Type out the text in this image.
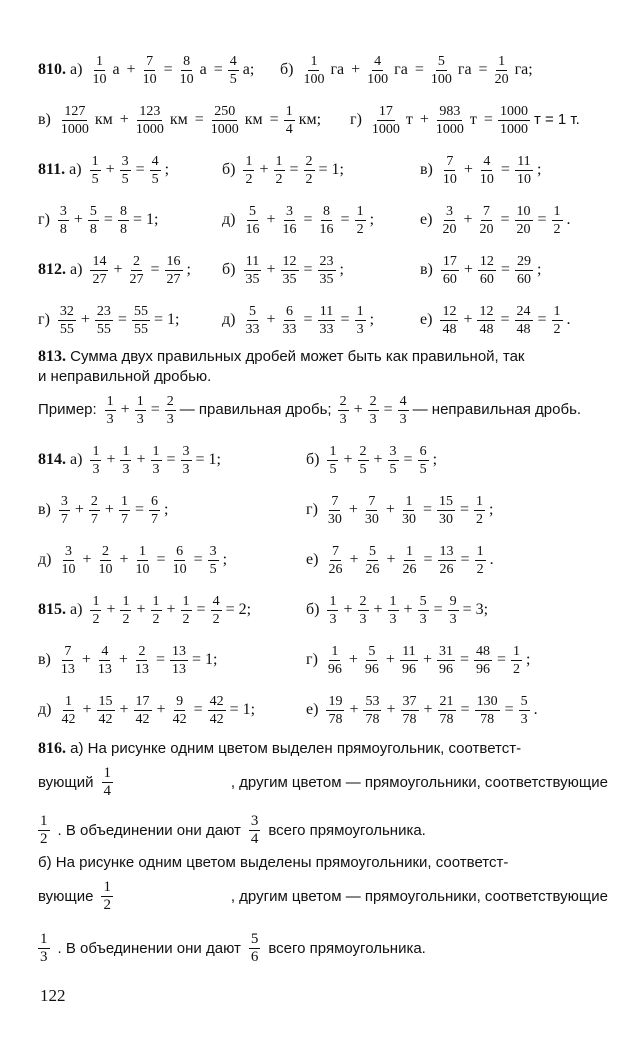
810. $а) \frac{1}{10}$ $а + \frac{7}{10} = \frac{8}{10}$ $а = \frac{4}{5} а$; $б) \frac{1}{100}$ га + $\frac{4}{100}$ га = $\frac{5}{100}$ га = $\frac{1}{20}$ га;
$в) \frac{127}{1000}$ км + $\frac{123}{1000}$ км = $\frac{250}{1000}$ км = $\frac{1}{4}$ км; $г) \frac{17}{1000}$ $т + \frac{983}{1000}$ $т = \frac{1000}{1000}$ т = 1 т.
811. $а) \frac{1}{5} + \frac{3}{5} = \frac{4}{5}$ ;	$б) \frac{1}{2} + \frac{1}{2} = \frac{2}{2} = 1$;	$в) \frac{7}{10} + \frac{4}{10} = \frac{11}{10}$ ;
$г) \frac{3}{8} + \frac{5}{8} = \frac{8}{8} = 1$;	$д) \frac{5}{16} + \frac{3}{16} = \frac{8}{16} = \frac{1}{2}$ ;	$е) \frac{3}{20} + \frac{7}{20} = \frac{10}{20} = \frac{1}{2}$ .
812. $а) \frac{14}{27} + \frac{2}{27} = \frac{16}{27}$ ; $б) \frac{11}{35} + \frac{12}{35} = \frac{23}{35}$ ;	$в) \frac{17}{60} + \frac{12}{60} = \frac{29}{60}$ ;
$г) \frac{32}{55} + \frac{23}{55} = \frac{55}{55} = 1$;	$д) \frac{5}{33} + \frac{6}{33} = \frac{11}{33} = \frac{1}{3}$ ;	$е) \frac{12}{48} + \frac{12}{48} = \frac{24}{48} = \frac{1}{2}$ .
813. Сумма двух правильных дробей может быть как правильной, так
и неправильной дробью.
Пример: $\frac{1}{3} + \frac{1}{3} = \frac{2}{3}$ — правильная дробь; $\frac{2}{3} + \frac{2}{3} = \frac{4}{3}$ — неправильная дробь.
814. $а) \frac{1}{3} + \frac{1}{3} + \frac{1}{3} = \frac{3}{3} = 1$;	$б) \frac{1}{5} + \frac{2}{5} + \frac{3}{5} = \frac{6}{5}$ ;
$в) \frac{3}{7} + \frac{2}{7} + \frac{1}{7} = \frac{6}{7}$ ;	$г) \frac{7}{30} + \frac{7}{30} + \frac{1}{30} = \frac{15}{30} = \frac{1}{2}$ ;
$д) \frac{3}{10} + \frac{2}{10} + \frac{1}{10} = \frac{6}{10} = \frac{3}{5}$ ;	$е) \frac{7}{26} + \frac{5}{26} + \frac{1}{26} = \frac{13}{26} = \frac{1}{2}$ .
815. $а) \frac{1}{2} + \frac{1}{2} + \frac{1}{2} + \frac{1}{2} = \frac{4}{2} = 2$;	$б) \frac{1}{3} + \frac{2}{3} + \frac{1}{3} + \frac{5}{3} = \frac{9}{3} = 3$;
$в) \frac{7}{13} + \frac{4}{13} + \frac{2}{13} = \frac{13}{13} = 1$;	$г) \frac{1}{96} + \frac{5}{96} + \frac{11}{96} + \frac{31}{96} = \frac{48}{96} = \frac{1}{2}$ ;
$д) \frac{1}{42} + \frac{15}{42} + \frac{17}{42} + \frac{9}{42} = \frac{42}{42} = 1$;	$е) \frac{19}{78} + \frac{53}{78} + \frac{37}{78} + \frac{21}{78} = \frac{130}{78} = \frac{5}{3}$ .
816. а) На рисунке одним цветом выделен прямоугольник, соответст-
вующий $\frac{1}{4}$	, другим цветом — прямоугольники, соответствующие
$\frac{1}{2}$ . В объединении они дают $\frac{3}{4}$ всего прямоугольника.
б) На рисунке одним цветом выделены прямоугольники, соответст-
вующие $\frac{1}{2}$	, другим цветом — прямоугольники, соответствующие
$\frac{1}{3}$ . В объединении они дают $\frac{5}{6}$ всего прямоугольника.
122
